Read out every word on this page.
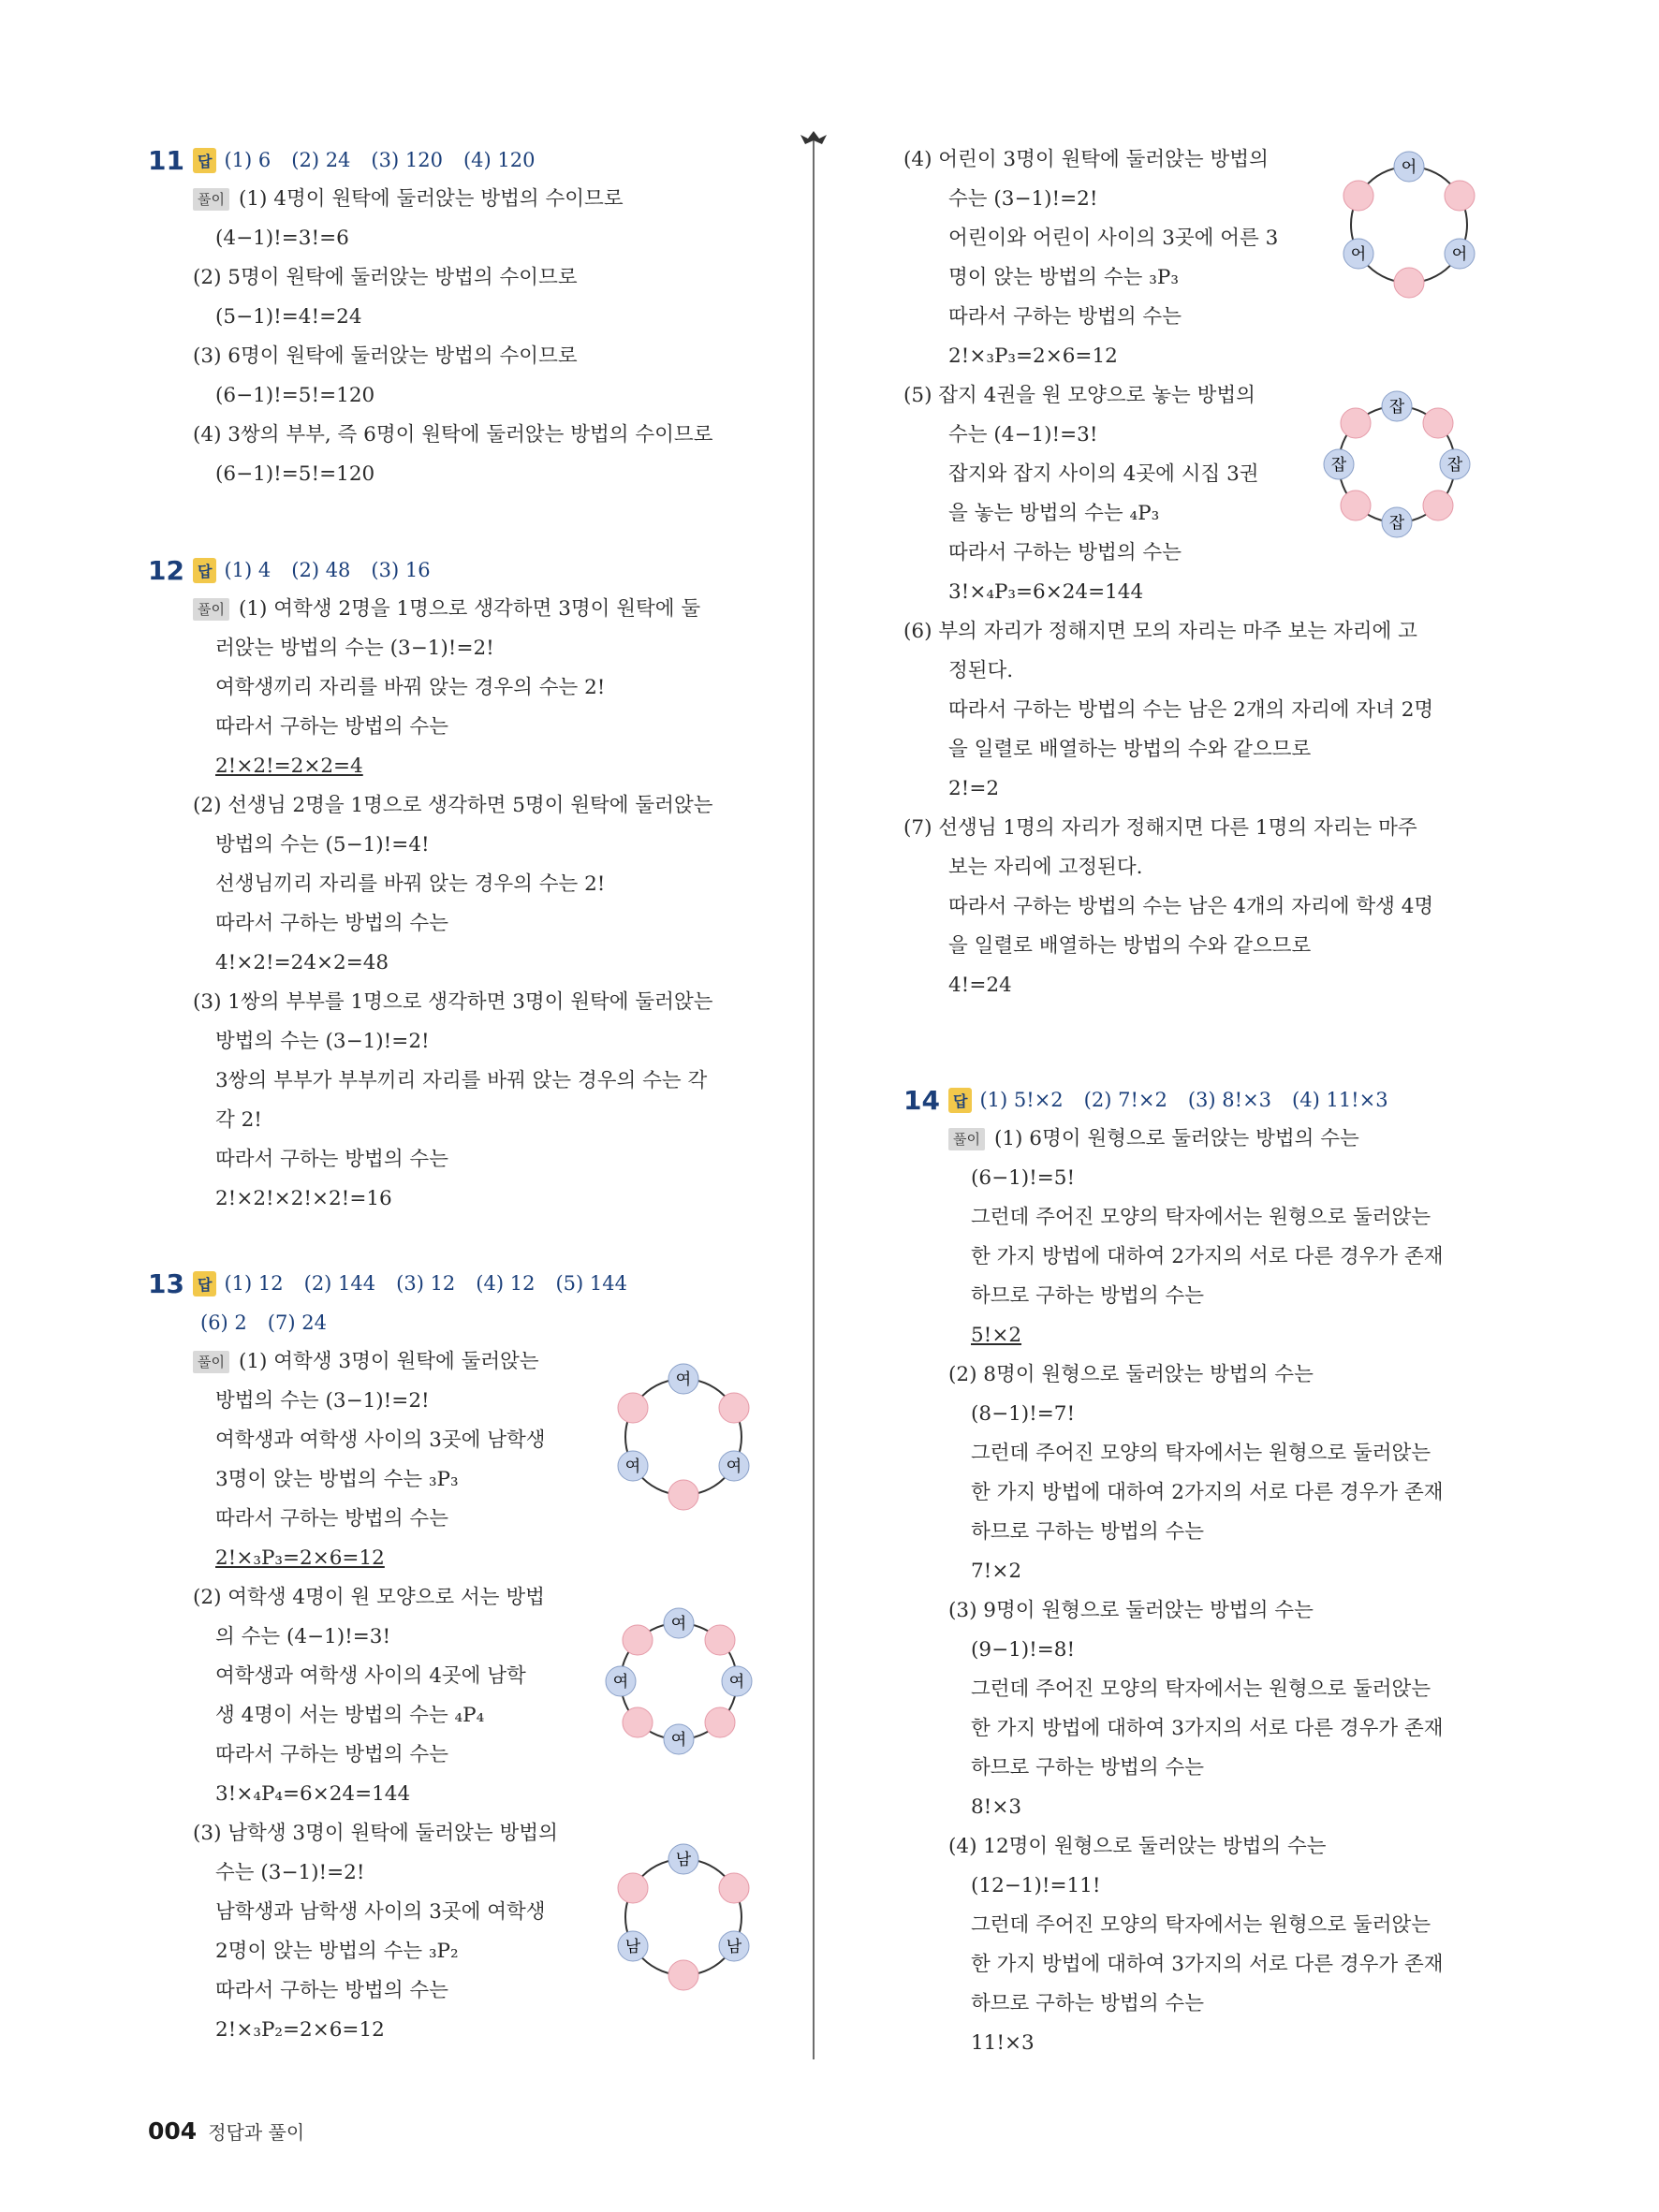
11 답 (1) 6 (2) 24 (3) 120 (4) 120
풀이 (1) 4명이 원탁에 둘러앉는 방법의 수이므로
(4−1)!=3!=6
(2) 5명이 원탁에 둘러앉는 방법의 수이므로
(5−1)!=4!=24
(3) 6명이 원탁에 둘러앉는 방법의 수이므로
(6−1)!=5!=120
(4) 3쌍의 부부, 즉 6명이 원탁에 둘러앉는 방법의 수이므로
(6−1)!=5!=120
12 답 (1) 4 (2) 48 (3) 16
풀이 (1) 여학생 2명을 1명으로 생각하면 3명이 원탁에 둘
러앉는 방법의 수는 (3−1)!=2!
여학생끼리 자리를 바꿔 앉는 경우의 수는 2!
따라서 구하는 방법의 수는
2!×2!=2×2=4
(2) 선생님 2명을 1명으로 생각하면 5명이 원탁에 둘러앉는
방법의 수는 (5−1)!=4!
선생님끼리 자리를 바꿔 앉는 경우의 수는 2!
따라서 구하는 방법의 수는
4!×2!=24×2=48
(3) 1쌍의 부부를 1명으로 생각하면 3명이 원탁에 둘러앉는
방법의 수는 (3−1)!=2!
3쌍의 부부가 부부끼리 자리를 바꿔 앉는 경우의 수는 각
각 2!
따라서 구하는 방법의 수는
2!×2!×2!×2!=16
13 답 (1) 12 (2) 144 (3) 12 (4) 12 (5) 144
(6) 2 (7) 24
풀이 (1) 여학생 3명이 원탁에 둘러앉는
방법의 수는 (3−1)!=2!
여학생과 여학생 사이의 3곳에 남학생
3명이 앉는 방법의 수는 ₃P₃
따라서 구하는 방법의 수는
2!×₃P₃=2×6=12
(2) 여학생 4명이 원 모양으로 서는 방법
의 수는 (4−1)!=3!
여학생과 여학생 사이의 4곳에 남학
생 4명이 서는 방법의 수는 ₄P₄
따라서 구하는 방법의 수는
3!×₄P₄=6×24=144
(3) 남학생 3명이 원탁에 둘러앉는 방법의
수는 (3−1)!=2!
남학생과 남학생 사이의 3곳에 여학생
2명이 앉는 방법의 수는 ₃P₂
따라서 구하는 방법의 수는
2!×₃P₂=2×6=12
(4) 어린이 3명이 원탁에 둘러앉는 방법의
수는 (3−1)!=2!
어린이와 어린이 사이의 3곳에 어른 3
명이 앉는 방법의 수는 ₃P₃
따라서 구하는 방법의 수는
2!×₃P₃=2×6=12
(5) 잡지 4권을 원 모양으로 놓는 방법의
수는 (4−1)!=3!
잡지와 잡지 사이의 4곳에 시집 3권
을 놓는 방법의 수는 ₄P₃
따라서 구하는 방법의 수는
3!×₄P₃=6×24=144
(6) 부의 자리가 정해지면 모의 자리는 마주 보는 자리에 고
정된다.
따라서 구하는 방법의 수는 남은 2개의 자리에 자녀 2명
을 일렬로 배열하는 방법의 수와 같으므로
2!=2
(7) 선생님 1명의 자리가 정해지면 다른 1명의 자리는 마주
보는 자리에 고정된다.
따라서 구하는 방법의 수는 남은 4개의 자리에 학생 4명
을 일렬로 배열하는 방법의 수와 같으므로
4!=24
14 답 (1) 5!×2 (2) 7!×2 (3) 8!×3 (4) 11!×3
풀이 (1) 6명이 원형으로 둘러앉는 방법의 수는
(6−1)!=5!
그런데 주어진 모양의 탁자에서는 원형으로 둘러앉는
한 가지 방법에 대하여 2가지의 서로 다른 경우가 존재
하므로 구하는 방법의 수는
5!×2
(2) 8명이 원형으로 둘러앉는 방법의 수는
(8−1)!=7!
그런데 주어진 모양의 탁자에서는 원형으로 둘러앉는
한 가지 방법에 대하여 2가지의 서로 다른 경우가 존재
하므로 구하는 방법의 수는
7!×2
(3) 9명이 원형으로 둘러앉는 방법의 수는
(9−1)!=8!
그런데 주어진 모양의 탁자에서는 원형으로 둘러앉는
한 가지 방법에 대하여 3가지의 서로 다른 경우가 존재
하므로 구하는 방법의 수는
8!×3
(4) 12명이 원형으로 둘러앉는 방법의 수는
(12−1)!=11!
그런데 주어진 모양의 탁자에서는 원형으로 둘러앉는
한 가지 방법에 대하여 3가지의 서로 다른 경우가 존재
하므로 구하는 방법의 수는
11!×3
여
여
여
여
여
여
여
남
남
남
어
어
어
잡
잡
잡
잡
004 정답과 풀이
